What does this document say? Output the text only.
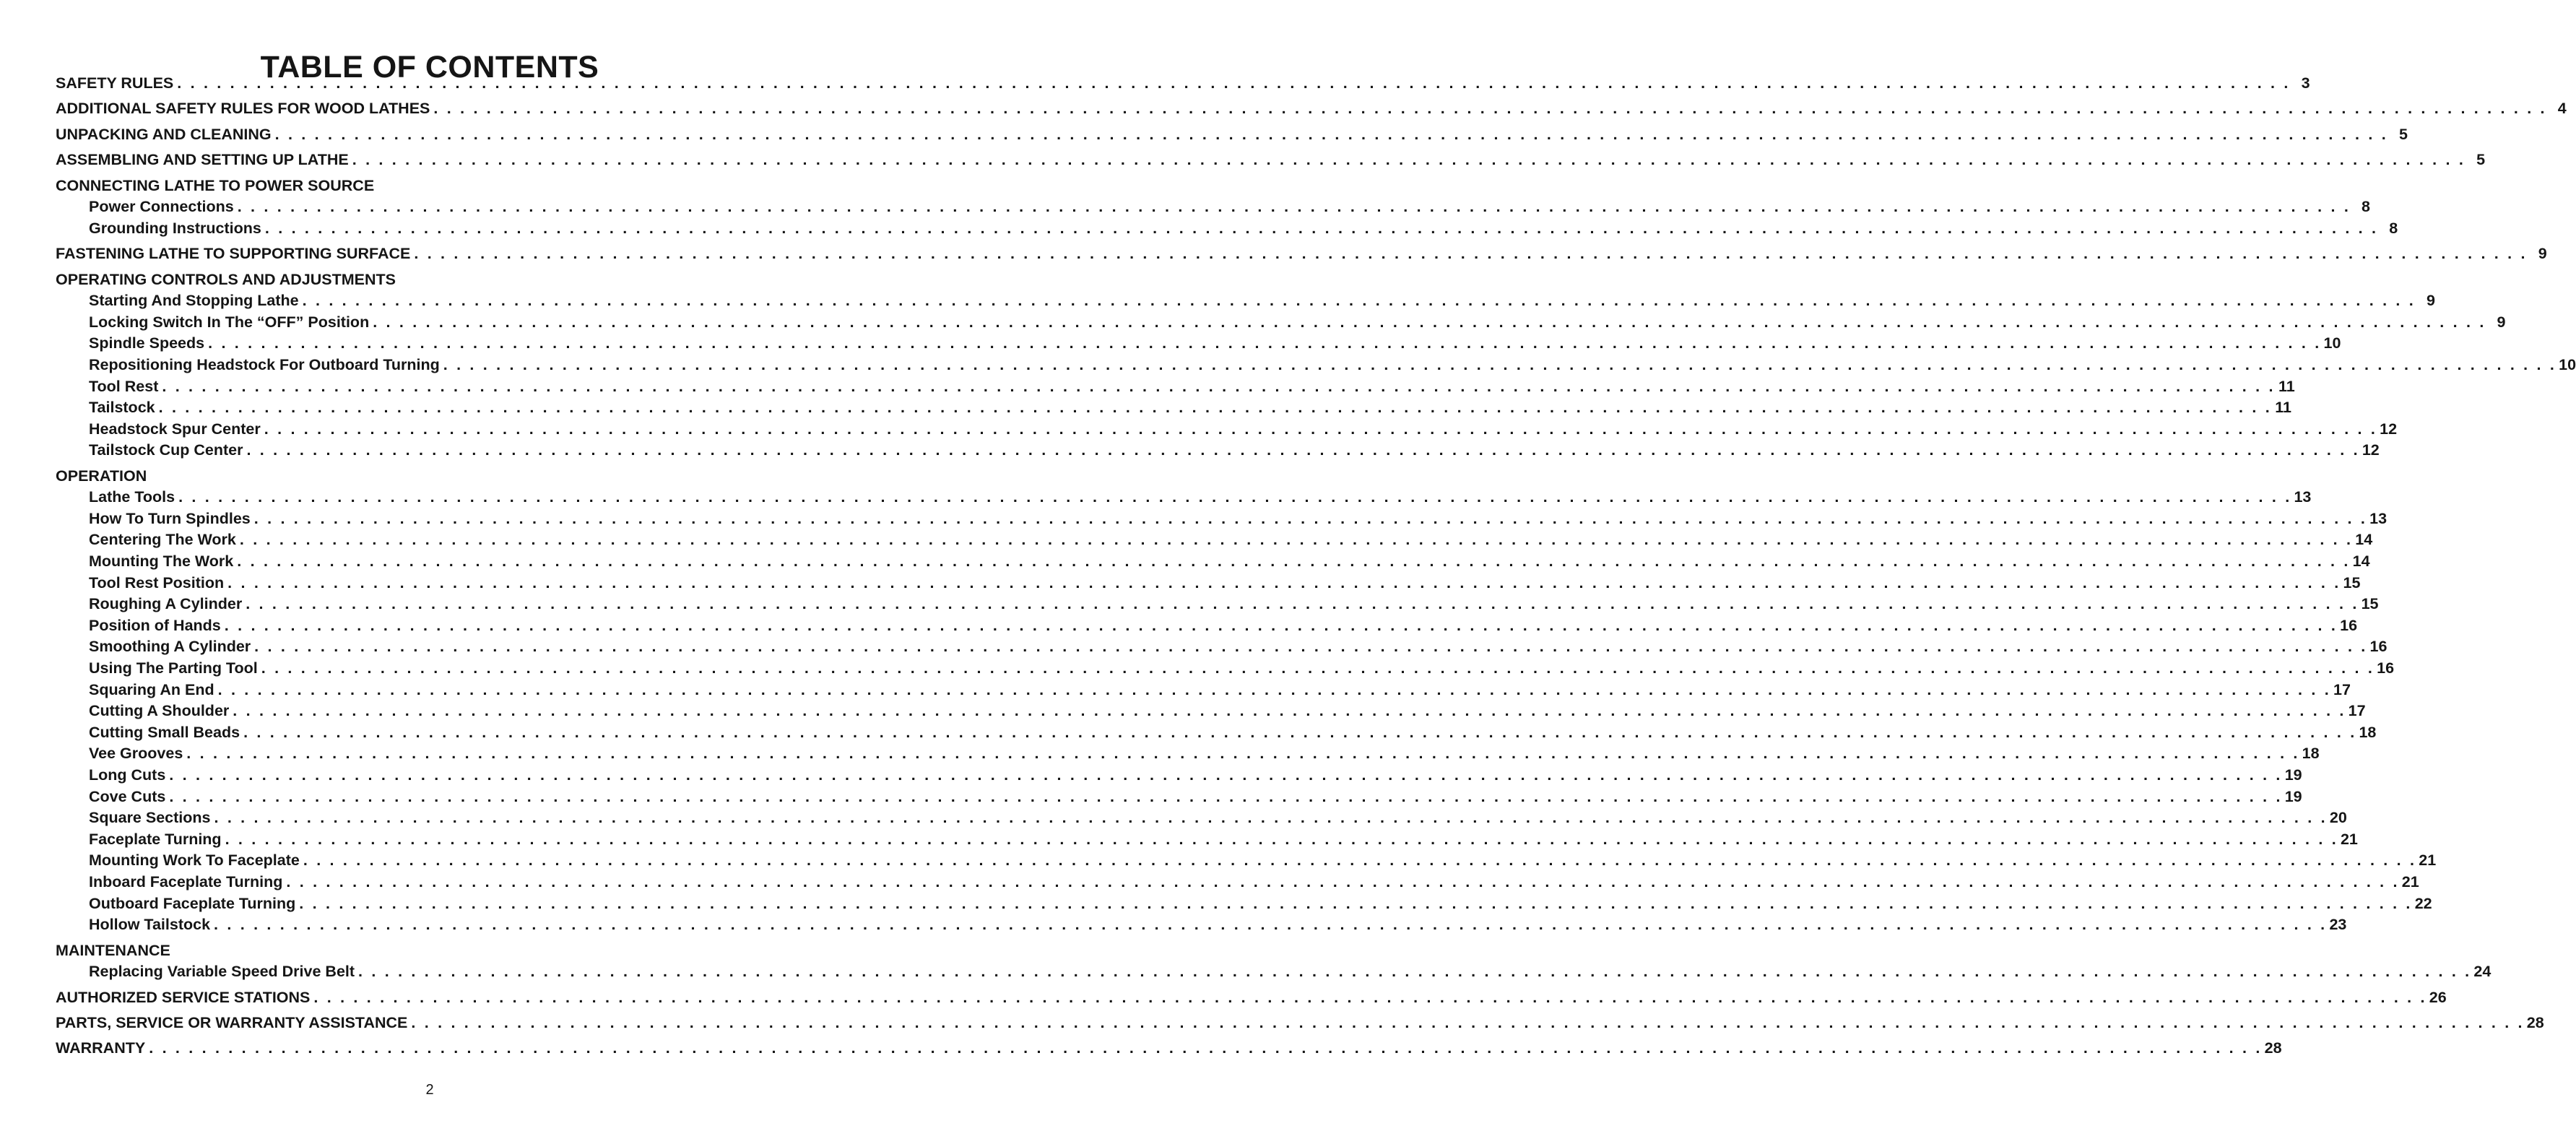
TABLE OF CONTENTS
SAFETY RULES . . . . . . . . . . . . . . . . . . . . . . . . . . . . . . . . . . . . . . . . . . . . . . . . . . . . . . . . . . . . . . . . . . . . . . . . . . . . . . . . . . . . . . . . . . . . . . . . . . . . . . . . . . . . . . . . . . . . . . . . . . . . . . . . . . . . . . . . . . . . . . . . . . . . . . . . . . . . . . . . 3
ADDITIONAL SAFETY RULES FOR WOOD LATHES . . . . . . . . . . . . . . . . . . . . . . . . . . . . . . . . . . . . . . . . . . . . . . . . . . . . . . . . . . . . . . . . . . . . . . . . . . . . . . . . . . . . . . . . . . . . . . . . . . . . . . . . . . . . . . . . . . . . . . . . . . . . . . . . . . . . . . . . . . . . . . . . . . . . . . . . . . . . . . . . 4
UNPACKING AND CLEANING . . . . . . . . . . . . . . . . . . . . . . . . . . . . . . . . . . . . . . . . . . . . . . . . . . . . . . . . . . . . . . . . . . . . . . . . . . . . . . . . . . . . . . . . . . . . . . . . . . . . . . . . . . . . . . . . . . . . . . . . . . . . . . . . . . . . . . . . . . . . . . . . . . . . . . . . . . . . . . . . 5
ASSEMBLING AND SETTING UP LATHE . . . . . . . . . . . . . . . . . . . . . . . . . . . . . . . . . . . . . . . . . . . . . . . . . . . . . . . . . . . . . . . . . . . . . . . . . . . . . . . . . . . . . . . . . . . . . . . . . . . . . . . . . . . . . . . . . . . . . . . . . . . . . . . . . . . . . . . . . . . . . . . . . . . . . . . . . . . . . . . . 5
CONNECTING LATHE TO POWER SOURCE
Power Connections . . . . . . . . . . . . . . . . . . . . . . . . . . . . . . . . . . . . . . . . . . . . . . . . . . . . . . . . . . . . . . . . . . . . . . . . . . . . . . . . . . . . . . . . . . . . . . . . . . . . . . . . . . . . . . . . . . . . . . . . . . . . . . . . . . . . . . . . . . . . . . . . . . . . . . . . . . . . . . . . 8
Grounding Instructions . . . . . . . . . . . . . . . . . . . . . . . . . . . . . . . . . . . . . . . . . . . . . . . . . . . . . . . . . . . . . . . . . . . . . . . . . . . . . . . . . . . . . . . . . . . . . . . . . . . . . . . . . . . . . . . . . . . . . . . . . . . . . . . . . . . . . . . . . . . . . . . . . . . . . . . . . . . . . . . . 8
FASTENING LATHE TO SUPPORTING SURFACE . . . . . . . . . . . . . . . . . . . . . . . . . . . . . . . . . . . . . . . . . . . . . . . . . . . . . . . . . . . . . . . . . . . . . . . . . . . . . . . . . . . . . . . . . . . . . . . . . . . . . . . . . . . . . . . . . . . . . . . . . . . . . . . . . . . . . . . . . . . . . . . . . . . . . . . . . . . . . . . . 9
OPERATING CONTROLS AND ADJUSTMENTS
Starting And Stopping Lathe . . . . . . . . . . . . . . . . . . . . . . . . . . . . . . . . . . . . . . . . . . . . . . . . . . . . . . . . . . . . . . . . . . . . . . . . . . . . . . . . . . . . . . . . . . . . . . . . . . . . . . . . . . . . . . . . . . . . . . . . . . . . . . . . . . . . . . . . . . . . . . . . . . . . . . . . . . . . . . . . 9
Locking Switch In The “OFF” Position . . . . . . . . . . . . . . . . . . . . . . . . . . . . . . . . . . . . . . . . . . . . . . . . . . . . . . . . . . . . . . . . . . . . . . . . . . . . . . . . . . . . . . . . . . . . . . . . . . . . . . . . . . . . . . . . . . . . . . . . . . . . . . . . . . . . . . . . . . . . . . . . . . . . . . . . . . . . . . . . 9
Spindle Speeds . . . . . . . . . . . . . . . . . . . . . . . . . . . . . . . . . . . . . . . . . . . . . . . . . . . . . . . . . . . . . . . . . . . . . . . . . . . . . . . . . . . . . . . . . . . . . . . . . . . . . . . . . . . . . . . . . . . . . . . . . . . . . . . . . . . . . . . . . . . . . . . . . . . . . . . . . . . . . . . . 10
Repositioning Headstock For Outboard Turning . . . . . . . . . . . . . . . . . . . . . . . . . . . . . . . . . . . . . . . . . . . . . . . . . . . . . . . . . . . . . . . . . . . . . . . . . . . . . . . . . . . . . . . . . . . . . . . . . . . . . . . . . . . . . . . . . . . . . . . . . . . . . . . . . . . . . . . . . . . . . . . . . . . . . . . . . . . . . . . . 10
Tool Rest . . . . . . . . . . . . . . . . . . . . . . . . . . . . . . . . . . . . . . . . . . . . . . . . . . . . . . . . . . . . . . . . . . . . . . . . . . . . . . . . . . . . . . . . . . . . . . . . . . . . . . . . . . . . . . . . . . . . . . . . . . . . . . . . . . . . . . . . . . . . . . . . . . . . . . . . . . . . . . . . 11
Tailstock . . . . . . . . . . . . . . . . . . . . . . . . . . . . . . . . . . . . . . . . . . . . . . . . . . . . . . . . . . . . . . . . . . . . . . . . . . . . . . . . . . . . . . . . . . . . . . . . . . . . . . . . . . . . . . . . . . . . . . . . . . . . . . . . . . . . . . . . . . . . . . . . . . . . . . . . . . . . . . . . 11
Headstock Spur Center . . . . . . . . . . . . . . . . . . . . . . . . . . . . . . . . . . . . . . . . . . . . . . . . . . . . . . . . . . . . . . . . . . . . . . . . . . . . . . . . . . . . . . . . . . . . . . . . . . . . . . . . . . . . . . . . . . . . . . . . . . . . . . . . . . . . . . . . . . . . . . . . . . . . . . . . . . . . . . . . 12
Tailstock Cup Center . . . . . . . . . . . . . . . . . . . . . . . . . . . . . . . . . . . . . . . . . . . . . . . . . . . . . . . . . . . . . . . . . . . . . . . . . . . . . . . . . . . . . . . . . . . . . . . . . . . . . . . . . . . . . . . . . . . . . . . . . . . . . . . . . . . . . . . . . . . . . . . . . . . . . . . . . . . . . . . . 12
OPERATION
Lathe Tools . . . . . . . . . . . . . . . . . . . . . . . . . . . . . . . . . . . . . . . . . . . . . . . . . . . . . . . . . . . . . . . . . . . . . . . . . . . . . . . . . . . . . . . . . . . . . . . . . . . . . . . . . . . . . . . . . . . . . . . . . . . . . . . . . . . . . . . . . . . . . . . . . . . . . . . . . . . . . . . . 13
How To Turn Spindles . . . . . . . . . . . . . . . . . . . . . . . . . . . . . . . . . . . . . . . . . . . . . . . . . . . . . . . . . . . . . . . . . . . . . . . . . . . . . . . . . . . . . . . . . . . . . . . . . . . . . . . . . . . . . . . . . . . . . . . . . . . . . . . . . . . . . . . . . . . . . . . . . . . . . . . . . . . . . . . . 13
Centering The Work . . . . . . . . . . . . . . . . . . . . . . . . . . . . . . . . . . . . . . . . . . . . . . . . . . . . . . . . . . . . . . . . . . . . . . . . . . . . . . . . . . . . . . . . . . . . . . . . . . . . . . . . . . . . . . . . . . . . . . . . . . . . . . . . . . . . . . . . . . . . . . . . . . . . . . . . . . . . . . . . 14
Mounting The Work . . . . . . . . . . . . . . . . . . . . . . . . . . . . . . . . . . . . . . . . . . . . . . . . . . . . . . . . . . . . . . . . . . . . . . . . . . . . . . . . . . . . . . . . . . . . . . . . . . . . . . . . . . . . . . . . . . . . . . . . . . . . . . . . . . . . . . . . . . . . . . . . . . . . . . . . . . . . . . . . 14
Tool Rest Position . . . . . . . . . . . . . . . . . . . . . . . . . . . . . . . . . . . . . . . . . . . . . . . . . . . . . . . . . . . . . . . . . . . . . . . . . . . . . . . . . . . . . . . . . . . . . . . . . . . . . . . . . . . . . . . . . . . . . . . . . . . . . . . . . . . . . . . . . . . . . . . . . . . . . . . . . . . . . . . . 15
Roughing A Cylinder . . . . . . . . . . . . . . . . . . . . . . . . . . . . . . . . . . . . . . . . . . . . . . . . . . . . . . . . . . . . . . . . . . . . . . . . . . . . . . . . . . . . . . . . . . . . . . . . . . . . . . . . . . . . . . . . . . . . . . . . . . . . . . . . . . . . . . . . . . . . . . . . . . . . . . . . . . . . . . . . 15
Position of Hands . . . . . . . . . . . . . . . . . . . . . . . . . . . . . . . . . . . . . . . . . . . . . . . . . . . . . . . . . . . . . . . . . . . . . . . . . . . . . . . . . . . . . . . . . . . . . . . . . . . . . . . . . . . . . . . . . . . . . . . . . . . . . . . . . . . . . . . . . . . . . . . . . . . . . . . . . . . . . . . . 16
Smoothing A Cylinder . . . . . . . . . . . . . . . . . . . . . . . . . . . . . . . . . . . . . . . . . . . . . . . . . . . . . . . . . . . . . . . . . . . . . . . . . . . . . . . . . . . . . . . . . . . . . . . . . . . . . . . . . . . . . . . . . . . . . . . . . . . . . . . . . . . . . . . . . . . . . . . . . . . . . . . . . . . . . . . . 16
Using The Parting Tool . . . . . . . . . . . . . . . . . . . . . . . . . . . . . . . . . . . . . . . . . . . . . . . . . . . . . . . . . . . . . . . . . . . . . . . . . . . . . . . . . . . . . . . . . . . . . . . . . . . . . . . . . . . . . . . . . . . . . . . . . . . . . . . . . . . . . . . . . . . . . . . . . . . . . . . . . . . . . . . . 16
Squaring An End . . . . . . . . . . . . . . . . . . . . . . . . . . . . . . . . . . . . . . . . . . . . . . . . . . . . . . . . . . . . . . . . . . . . . . . . . . . . . . . . . . . . . . . . . . . . . . . . . . . . . . . . . . . . . . . . . . . . . . . . . . . . . . . . . . . . . . . . . . . . . . . . . . . . . . . . . . . . . . . . 17
Cutting A Shoulder . . . . . . . . . . . . . . . . . . . . . . . . . . . . . . . . . . . . . . . . . . . . . . . . . . . . . . . . . . . . . . . . . . . . . . . . . . . . . . . . . . . . . . . . . . . . . . . . . . . . . . . . . . . . . . . . . . . . . . . . . . . . . . . . . . . . . . . . . . . . . . . . . . . . . . . . . . . . . . . . 17
Cutting Small Beads . . . . . . . . . . . . . . . . . . . . . . . . . . . . . . . . . . . . . . . . . . . . . . . . . . . . . . . . . . . . . . . . . . . . . . . . . . . . . . . . . . . . . . . . . . . . . . . . . . . . . . . . . . . . . . . . . . . . . . . . . . . . . . . . . . . . . . . . . . . . . . . . . . . . . . . . . . . . . . . . 18
Vee Grooves . . . . . . . . . . . . . . . . . . . . . . . . . . . . . . . . . . . . . . . . . . . . . . . . . . . . . . . . . . . . . . . . . . . . . . . . . . . . . . . . . . . . . . . . . . . . . . . . . . . . . . . . . . . . . . . . . . . . . . . . . . . . . . . . . . . . . . . . . . . . . . . . . . . . . . . . . . . . . . . . 18
Long Cuts . . . . . . . . . . . . . . . . . . . . . . . . . . . . . . . . . . . . . . . . . . . . . . . . . . . . . . . . . . . . . . . . . . . . . . . . . . . . . . . . . . . . . . . . . . . . . . . . . . . . . . . . . . . . . . . . . . . . . . . . . . . . . . . . . . . . . . . . . . . . . . . . . . . . . . . . . . . . . . . . 19
Cove Cuts . . . . . . . . . . . . . . . . . . . . . . . . . . . . . . . . . . . . . . . . . . . . . . . . . . . . . . . . . . . . . . . . . . . . . . . . . . . . . . . . . . . . . . . . . . . . . . . . . . . . . . . . . . . . . . . . . . . . . . . . . . . . . . . . . . . . . . . . . . . . . . . . . . . . . . . . . . . . . . . . 19
Square Sections . . . . . . . . . . . . . . . . . . . . . . . . . . . . . . . . . . . . . . . . . . . . . . . . . . . . . . . . . . . . . . . . . . . . . . . . . . . . . . . . . . . . . . . . . . . . . . . . . . . . . . . . . . . . . . . . . . . . . . . . . . . . . . . . . . . . . . . . . . . . . . . . . . . . . . . . . . . . . . . . 20
Faceplate Turning . . . . . . . . . . . . . . . . . . . . . . . . . . . . . . . . . . . . . . . . . . . . . . . . . . . . . . . . . . . . . . . . . . . . . . . . . . . . . . . . . . . . . . . . . . . . . . . . . . . . . . . . . . . . . . . . . . . . . . . . . . . . . . . . . . . . . . . . . . . . . . . . . . . . . . . . . . . . . . . . 21
Mounting Work To Faceplate . . . . . . . . . . . . . . . . . . . . . . . . . . . . . . . . . . . . . . . . . . . . . . . . . . . . . . . . . . . . . . . . . . . . . . . . . . . . . . . . . . . . . . . . . . . . . . . . . . . . . . . . . . . . . . . . . . . . . . . . . . . . . . . . . . . . . . . . . . . . . . . . . . . . . . . . . . . . . . . . 21
Inboard Faceplate Turning . . . . . . . . . . . . . . . . . . . . . . . . . . . . . . . . . . . . . . . . . . . . . . . . . . . . . . . . . . . . . . . . . . . . . . . . . . . . . . . . . . . . . . . . . . . . . . . . . . . . . . . . . . . . . . . . . . . . . . . . . . . . . . . . . . . . . . . . . . . . . . . . . . . . . . . . . . . . . . . . 21
Outboard Faceplate Turning . . . . . . . . . . . . . . . . . . . . . . . . . . . . . . . . . . . . . . . . . . . . . . . . . . . . . . . . . . . . . . . . . . . . . . . . . . . . . . . . . . . . . . . . . . . . . . . . . . . . . . . . . . . . . . . . . . . . . . . . . . . . . . . . . . . . . . . . . . . . . . . . . . . . . . . . . . . . . . . . 22
Hollow Tailstock . . . . . . . . . . . . . . . . . . . . . . . . . . . . . . . . . . . . . . . . . . . . . . . . . . . . . . . . . . . . . . . . . . . . . . . . . . . . . . . . . . . . . . . . . . . . . . . . . . . . . . . . . . . . . . . . . . . . . . . . . . . . . . . . . . . . . . . . . . . . . . . . . . . . . . . . . . . . . . . . 23
MAINTENANCE
Replacing Variable Speed Drive Belt . . . . . . . . . . . . . . . . . . . . . . . . . . . . . . . . . . . . . . . . . . . . . . . . . . . . . . . . . . . . . . . . . . . . . . . . . . . . . . . . . . . . . . . . . . . . . . . . . . . . . . . . . . . . . . . . . . . . . . . . . . . . . . . . . . . . . . . . . . . . . . . . . . . . . . . . . . . . . . . . 24
AUTHORIZED SERVICE STATIONS . . . . . . . . . . . . . . . . . . . . . . . . . . . . . . . . . . . . . . . . . . . . . . . . . . . . . . . . . . . . . . . . . . . . . . . . . . . . . . . . . . . . . . . . . . . . . . . . . . . . . . . . . . . . . . . . . . . . . . . . . . . . . . . . . . . . . . . . . . . . . . . . . . . . . . . . . . . . . . . . 26
PARTS, SERVICE OR WARRANTY ASSISTANCE . . . . . . . . . . . . . . . . . . . . . . . . . . . . . . . . . . . . . . . . . . . . . . . . . . . . . . . . . . . . . . . . . . . . . . . . . . . . . . . . . . . . . . . . . . . . . . . . . . . . . . . . . . . . . . . . . . . . . . . . . . . . . . . . . . . . . . . . . . . . . . . . . . . . . . . . . . . . . . . . 28
WARRANTY . . . . . . . . . . . . . . . . . . . . . . . . . . . . . . . . . . . . . . . . . . . . . . . . . . . . . . . . . . . . . . . . . . . . . . . . . . . . . . . . . . . . . . . . . . . . . . . . . . . . . . . . . . . . . . . . . . . . . . . . . . . . . . . . . . . . . . . . . . . . . . . . . . . . . . . . . . . . . . . . 28
2
